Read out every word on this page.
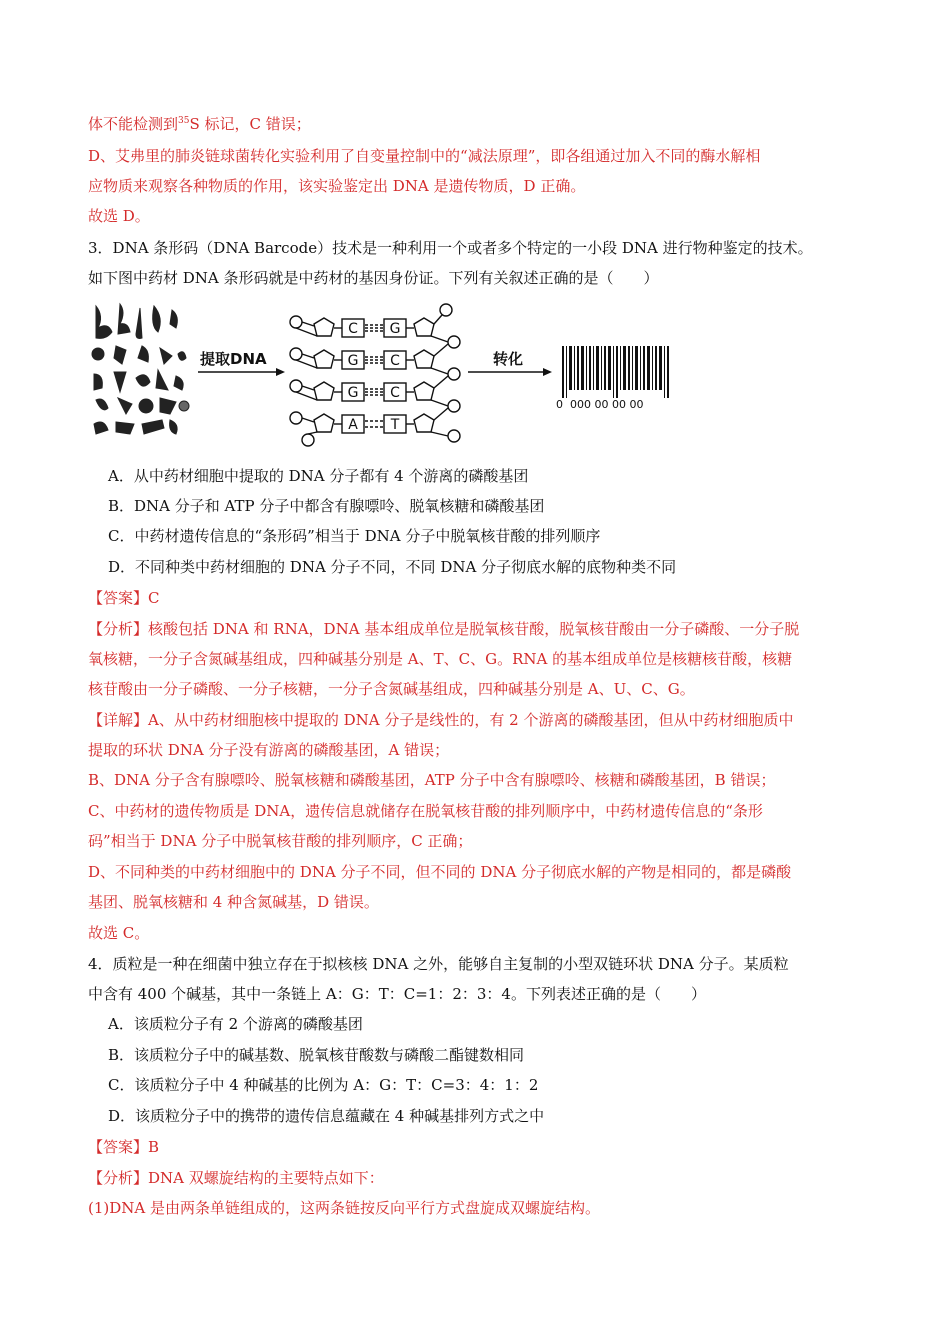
体不能检测到$^{35}$S 标记，C 错误；
D、艾弗里的肺炎链球菌转化实验利用了自变量控制中的“减法原理”，即各组通过加入不同的酶水解相
应物质来观察各种物质的作用，该实验鉴定出 DNA 是遗传物质，D 正确。
故选 D。
3．DNA 条形码（DNA Barcode）技术是一种利用一个或者多个特定的一小段 DNA 进行物种鉴定的技术。
如下图中药材 DNA 条形码就是中药材的基因身份证。下列有关叙述正确的是（　　）
提取DNA
C G
G C
G C
A T
转化
0  000 00 00 00
A．从中药材细胞中提取的 DNA 分子都有 4 个游离的磷酸基团
B．DNA 分子和 ATP 分子中都含有腺嘌呤、脱氧核糖和磷酸基团
C．中药材遗传信息的“条形码”相当于 DNA 分子中脱氧核苷酸的排列顺序
D．不同种类中药材细胞的 DNA 分子不同，不同 DNA 分子彻底水解的底物种类不同
【答案】C
【分析】核酸包括 DNA 和 RNA，DNA 基本组成单位是脱氧核苷酸，脱氧核苷酸由一分子磷酸、一分子脱
氧核糖，一分子含氮碱基组成，四种碱基分别是 A、T、C、G。RNA 的基本组成单位是核糖核苷酸，核糖
核苷酸由一分子磷酸、一分子核糖，一分子含氮碱基组成，四种碱基分别是 A、U、C、G。
【详解】A、从中药材细胞核中提取的 DNA 分子是线性的，有 2 个游离的磷酸基团，但从中药材细胞质中
提取的环状 DNA 分子没有游离的磷酸基团，A 错误；
B、DNA 分子含有腺嘌呤、脱氧核糖和磷酸基团，ATP 分子中含有腺嘌呤、核糖和磷酸基团，B 错误；
C、中药材的遗传物质是 DNA，遗传信息就储存在脱氧核苷酸的排列顺序中，中药材遗传信息的“条形
码”相当于 DNA 分子中脱氧核苷酸的排列顺序，C 正确；
D、不同种类的中药材细胞中的 DNA 分子不同，但不同的 DNA 分子彻底水解的产物是相同的，都是磷酸
基团、脱氧核糖和 4 种含氮碱基，D 错误。
故选 C。
4．质粒是一种在细菌中独立存在于拟核核 DNA 之外，能够自主复制的小型双链环状 DNA 分子。某质粒
中含有 400 个碱基，其中一条链上 A：G：T：C=1：2：3：4。下列表述正确的是（　　）
A．该质粒分子有 2 个游离的磷酸基团
B．该质粒分子中的碱基数、脱氧核苷酸数与磷酸二酯键数相同
C．该质粒分子中 4 种碱基的比例为 A：G：T：C=3：4：1：2
D．该质粒分子中的携带的遗传信息蕴藏在 4 种碱基排列方式之中
【答案】B
【分析】DNA 双螺旋结构的主要特点如下：
(1)DNA 是由两条单链组成的，这两条链按反向平行方式盘旋成双螺旋结构。
